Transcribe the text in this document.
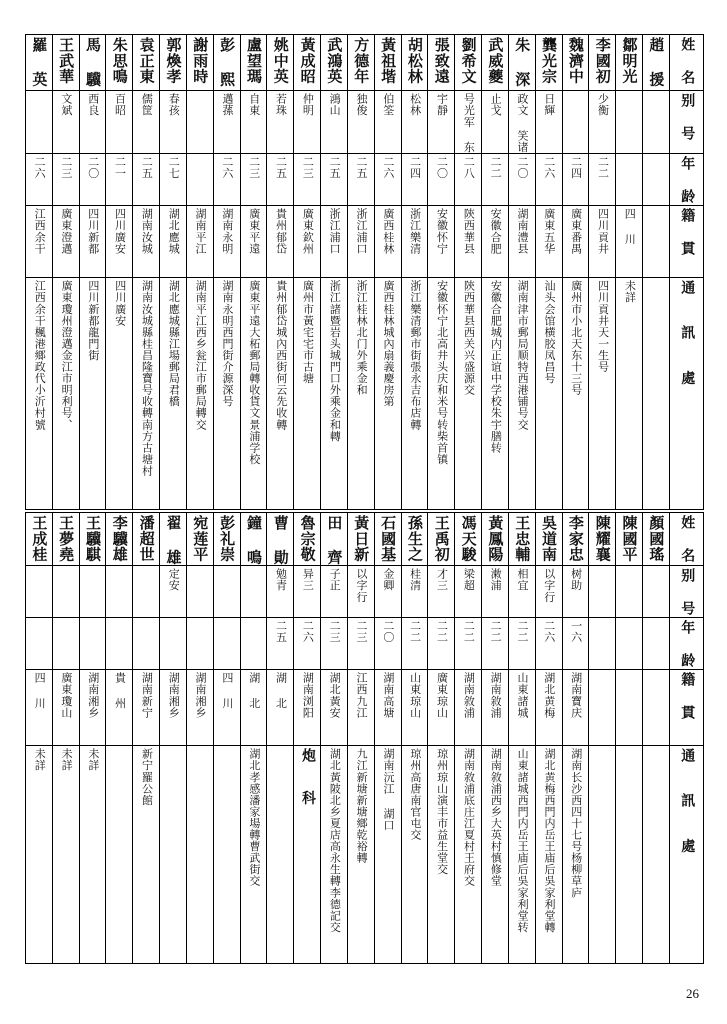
羅 英	王武華	馬 驥	朱思鳴	袁正東	郭煥孝	謝雨時	彭 熙	盧望瑪	姚中英	黃成昭	武鴻英	方德年	黃祖堦	胡松林	張致遠	劉希文	武威夔	朱 深	龔光宗	魏濟中	李國初	鄒明光	趙 援	姓 名

	文斌	西良	百昭	儒筐	春孩		邁蓀	自東	若珠	仲明	鴻山	独俊	伯筌	松林	宇靜	号光军 东	止戈	政文 笑诸	日輝		少衡			别 号

二六	二三	二〇	二一	二五	二七		二六	二三	二五	二三	二五	二五	二六	二四	二〇	二八	二二	二〇	二六	二四	二二			年 龄

江西余干	廣東澄邁	四川新都	四川廣安	湖南汝城	湖北應城	湖南平江	湖南永明	廣東平遠	貴州郁岱	廣東欽州	浙江浦口	浙江浦口	廣西桂林	浙江樂清	安徽怀宁	陝西華县	安徽合肥	湖南澧县	廣東五华	廣東番禺	四川貢井	四 川		籍 貫

江西余干楓港鄉政代小沂村號	廣東瓊州澄邁金江市明利号、	四川新都龍門街	四川廣安	湖南汝城縣桂昌隆寶号收轉南方古塘村	湖北應城縣江場郵局君橋	湖南平江西乡瓮江市郵局轉交	湖南永明西門街介源深号	廣東平遠大柘郵局轉收貨文景浦学校	貴州郁岱城內西街何云先收轉	廣州市黃宅宅市古塘	浙江諸暨岩头城門口外乘金和轉	浙江桂林北门外乘金和	廣西桂林城內扇義慶房第	浙江樂清郵市街張永吉布店轉	安徽怀宁北高井头庆和米号转柴首镇	陝西華县西关兴盛源交	安徽合肥城内正谊中学校朱宇膳转	湖南津市郵局顺特西港铺号交	汕头会馆横胶凤昌号	廣州市小北天东十三号	四川貢井天一生号	未詳		通 訊 處
王成桂	王夢堯	王驥騏	李驥雄	潘超世	翟 雄	宛莲平	彭礼崇	鐘 鳴	曹 勛	魯宗敬	田 齊	黃日新	石國基	孫生之	王禹初	馮天駿	黃鳳陽	王忠輔	吳道南	李家忠	陳耀襄	陳國平	顏國瑤	姓 名

					定安				勉青	异三	子正	以字行	金卿	桂清	才三	梁超	潄浦	相宜	以字行	树助				别 号

									二五	二六	二三	二三	二〇	二二	二二	二二	二二	二二	二六	一六				年 龄

四 川	廣東瓊山	湖南湘乡	貴 州	湖南新宁	湖南湘乡	湖南湘乡	四 川	湖 北	湖 北	湖南浏阳	湖北黃安	江西九江	湖南高塘	山東琼山	廣東琼山	湖南敘浦	湖南敘浦	山東諸城	湖北黄梅	湖南寶庆				籍 貫

未詳	未詳	未詳		新宁羅公館				湖北孝感潘家場轉曹武街交		炮 科	湖北黃陂北乡夏店高永生轉李德記交	九江新塘新塘鄉乾裕轉	湖南沅江 湖口	琼州高唐南官屯交	琼州琼山演丰市益生堂交	湖南敘浦底庄江夏村王府交	湖南敘浦西乡大英村慎修堂	山東諸城西門内岳王庙后吳家利堂转	湖北黄梅西門内岳王庙后吳家利堂轉	湖南长沙西四十七号杨柳草庐				通 訊 處
26
